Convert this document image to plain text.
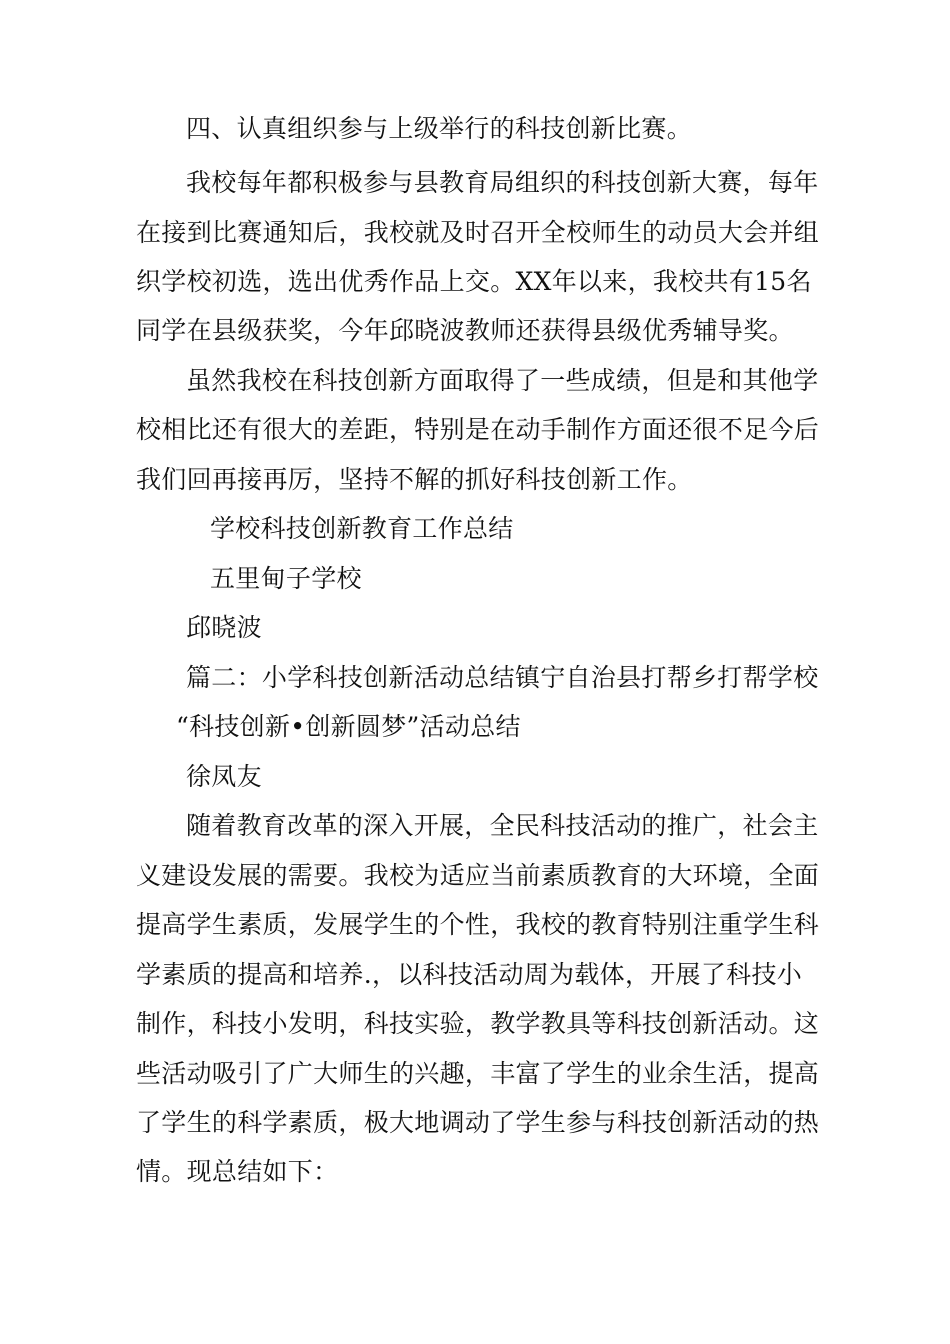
四、认真组织参与上级举行的科技创新比赛。
我校每年都积极参与县教育局组织的科技创新大赛，每年
在接到比赛通知后，我校就及时召开全校师生的动员大会并组
织学校初选，选出优秀作品上交。XX年以来，我校共有15名
同学在县级获奖，今年邱晓波教师还获得县级优秀辅导奖。
虽然我校在科技创新方面取得了一些成绩，但是和其他学
校相比还有很大的差距，特别是在动手制作方面还很不足今后
我们回再接再厉，坚持不解的抓好科技创新工作。
学校科技创新教育工作总结
五里甸子学校
邱晓波
篇二：小学科技创新活动总结镇宁自治县打帮乡打帮学校
“科技创新•创新圆梦”活动总结
徐凤友
随着教育改革的深入开展，全民科技活动的推广，社会主
义建设发展的需要。我校为适应当前素质教育的大环境，全面
提高学生素质，发展学生的个性，我校的教育特别注重学生科
学素质的提高和培养.，以科技活动周为载体，开展了科技小
制作，科技小发明，科技实验，教学教具等科技创新活动。这
些活动吸引了广大师生的兴趣，丰富了学生的业余生活，提高
了学生的科学素质，极大地调动了学生参与科技创新活动的热
情。现总结如下：
